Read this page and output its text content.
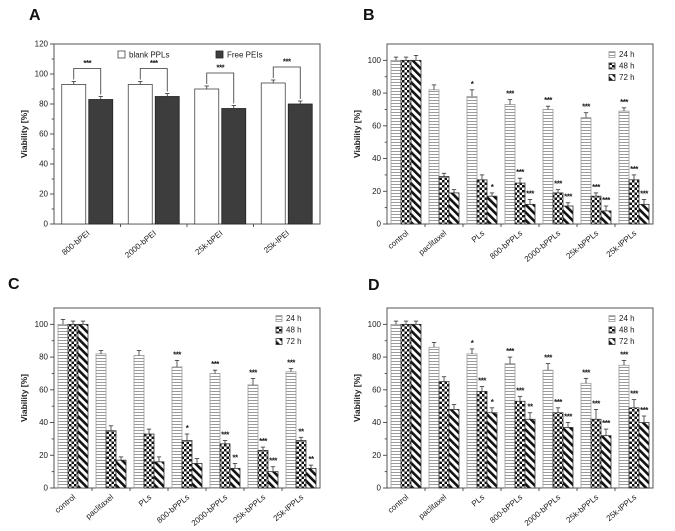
A
0
20
40
60
80
100
120
Viability [%]
800-bPEI	2000-bPEI	25k-bPEI	25k-lPEI
***	***	***
***
blank PPLs	Free PEIs
B
0
20
40
60
80
100
Viability [%]
control paclitaxel	PLs 800-bPPLs
2000-bPPLs 25k-bPPLs 25k-lPPLs
*
***
***
***
***
***
***	***
***
*
***	***	***
***
24 h
48 h
72 h
C
0
20
40
60
80
100
Viability [%]
control paclitaxel	PLs 800-bPPLs
2000-bPPLs 25k-bPPLs 25k-lPPLs
***
***
***
***
*
***
***
**
**	***	**
24 h
48 h
72 h
D
0
20
40
60
80
100
Viability [%]
control paclitaxel	PLs 800-bPPLs
2000-bPPLs 25k-bPPLs 25k-lPPLs
*
***
***
***
***
***
***
***	***
***
*
**
***
***
***
24 h
48 h
72 h
